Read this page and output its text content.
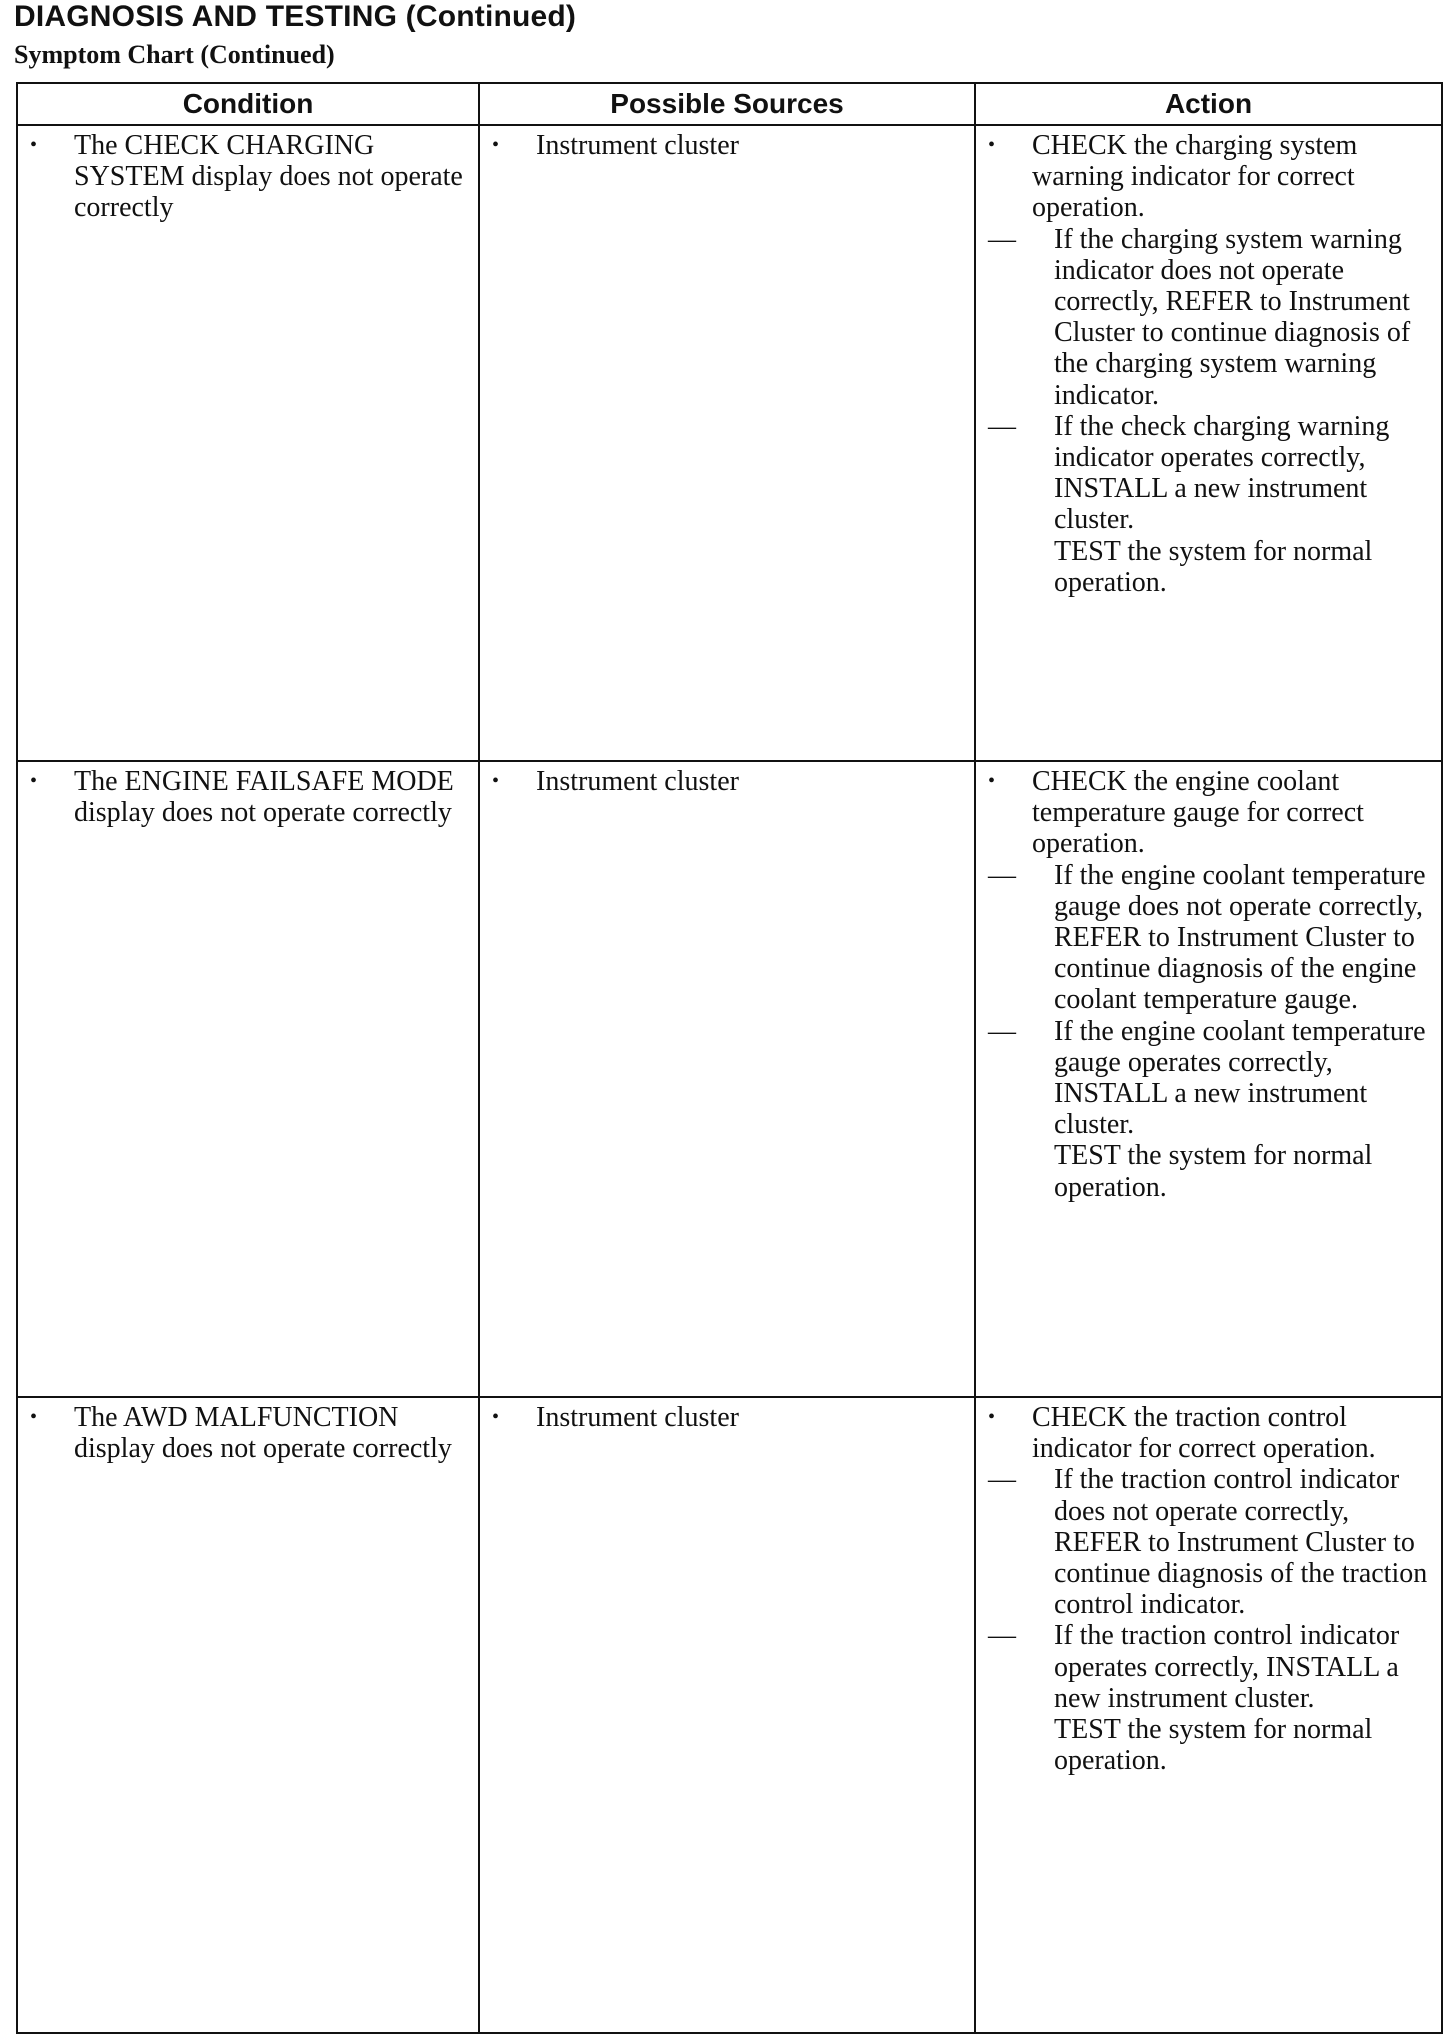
DIAGNOSIS AND TESTING (Continued)
Symptom Chart (Continued)
Condition	Possible Sources	Action

• The CHECK CHARGING SYSTEM display does not operate correctly	• Instrument cluster	• CHECK the charging system warning indicator for correct operation.
— If the charging system warning indicator does not operate correctly, REFER to Instrument Cluster to continue diagnosis of the charging system warning indicator.
— If the check charging warning indicator operates correctly, INSTALL a new instrument cluster.
TEST the system for normal operation.

• The ENGINE FAILSAFE MODE display does not operate correctly	• Instrument cluster	• CHECK the engine coolant temperature gauge for correct operation.
— If the engine coolant temperature gauge does not operate correctly, REFER to Instrument Cluster to continue diagnosis of the engine coolant temperature gauge.
— If the engine coolant temperature gauge operates correctly, INSTALL a new instrument cluster.
TEST the system for normal operation.

• The AWD MALFUNCTION display does not operate correctly	• Instrument cluster	• CHECK the traction control indicator for correct operation.
— If the traction control indicator does not operate correctly, REFER to Instrument Cluster to continue diagnosis of the traction control indicator.
— If the traction control indicator operates correctly, INSTALL a new instrument cluster.
TEST the system for normal operation.
